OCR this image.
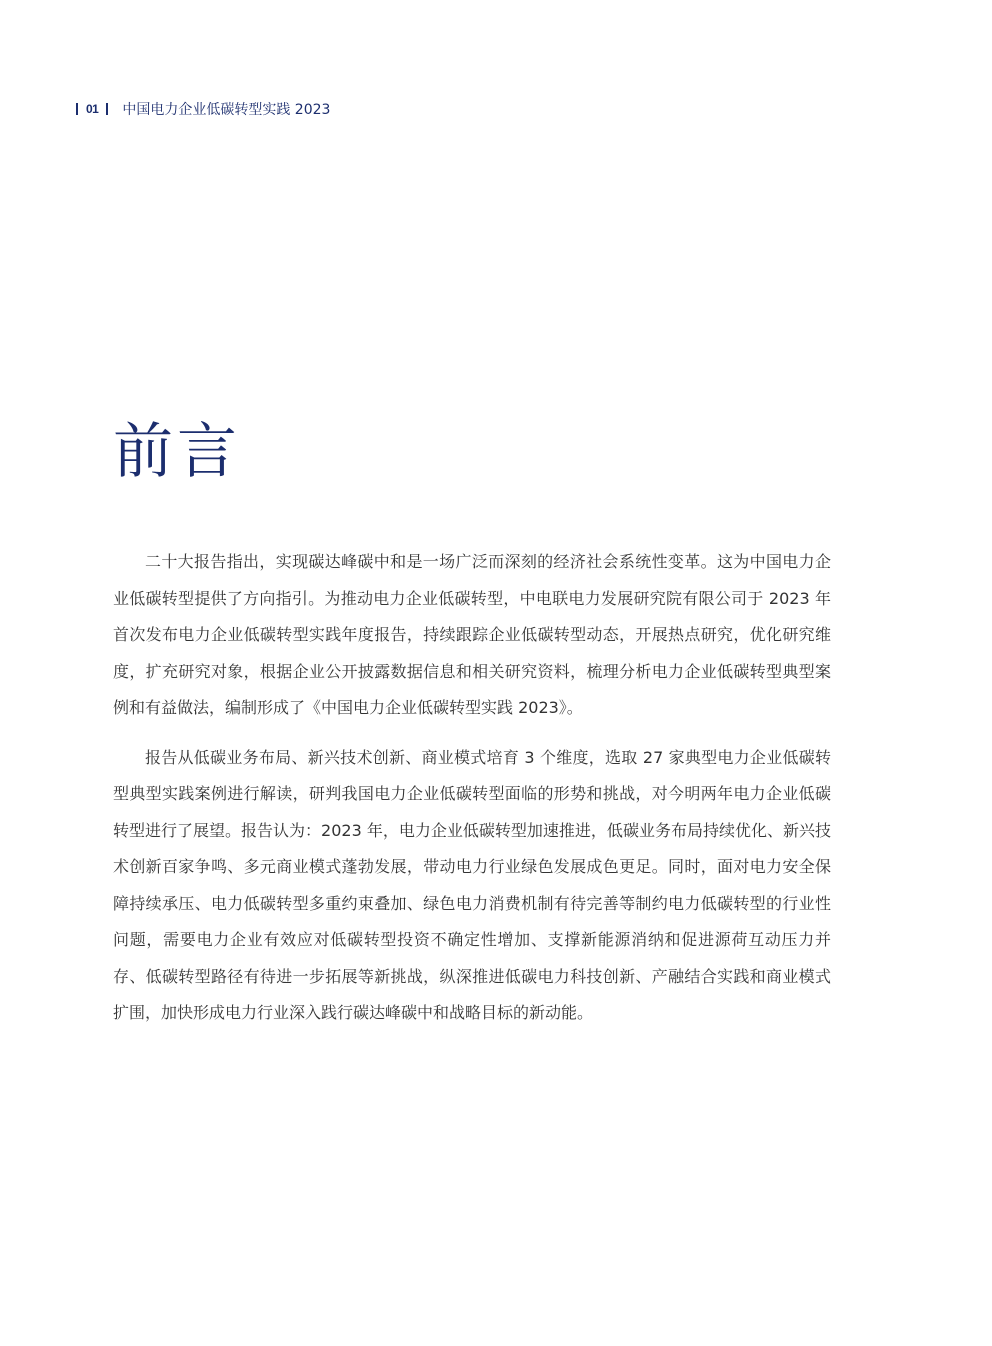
01 中国电力企业低碳转型实践 2023
前言

二十大报告指出，实现碳达峰碳中和是一场广泛而深刻的经济社会系统性变革。这为中国电力企业低碳转型提供了方向指引。为推动电力企业低碳转型，中电联电力发展研究院有限公司于 2023 年首次发布电力企业低碳转型实践年度报告，持续跟踪企业低碳转型动态，开展热点研究，优化研究维度，扩充研究对象，根据企业公开披露数据信息和相关研究资料，梳理分析电力企业低碳转型典型案例和有益做法，编制形成了《中国电力企业低碳转型实践 2023》。

报告从低碳业务布局、新兴技术创新、商业模式培育 3 个维度，选取 27 家典型电力企业低碳转型典型实践案例进行解读，研判我国电力企业低碳转型面临的形势和挑战，对今明两年电力企业低碳转型进行了展望。报告认为：2023 年，电力企业低碳转型加速推进，低碳业务布局持续优化、新兴技术创新百家争鸣、多元商业模式蓬勃发展，带动电力行业绿色发展成色更足。同时，面对电力安全保障持续承压、电力低碳转型多重约束叠加、绿色电力消费机制有待完善等制约电力低碳转型的行业性问题，需要电力企业有效应对低碳转型投资不确定性增加、支撑新能源消纳和促进源荷互动压力并存、低碳转型路径有待进一步拓展等新挑战，纵深推进低碳电力科技创新、产融结合实践和商业模式扩围，加快形成电力行业深入践行碳达峰碳中和战略目标的新动能。
